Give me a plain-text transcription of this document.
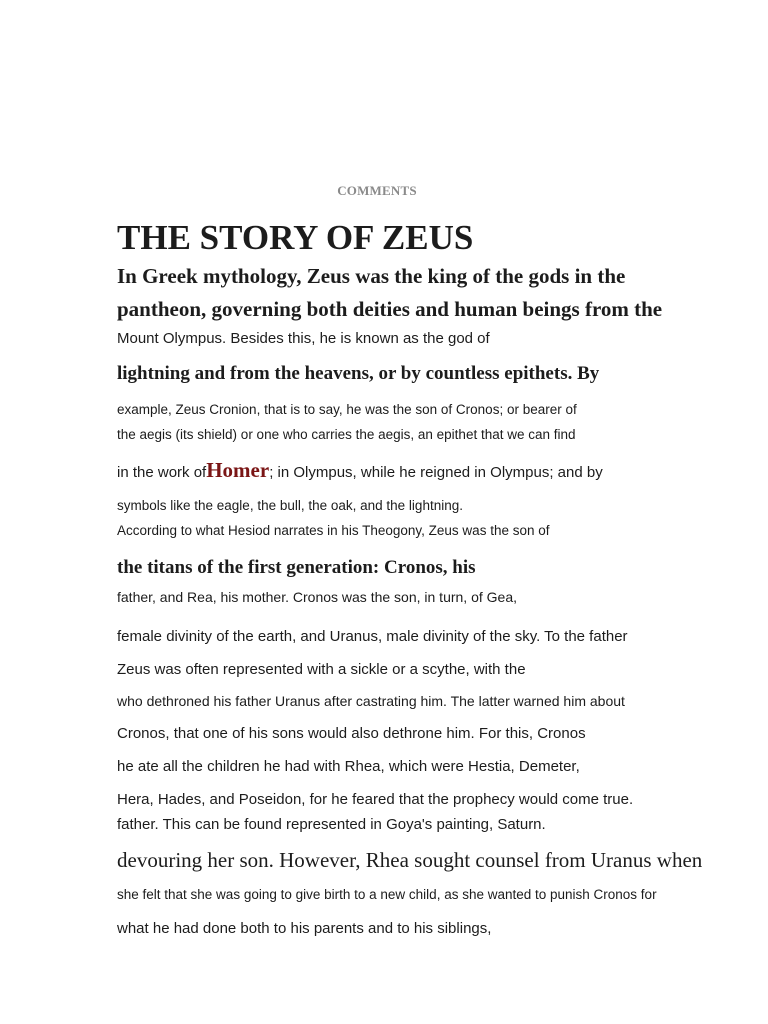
COMMENTS
THE STORY OF ZEUS

In Greek mythology, Zeus was the king of the gods in the

pantheon, governing both deities and human beings from the

Mount Olympus. Besides this, he is known as the god of

lightning and from the heavens, or by countless epithets. By

example, Zeus Cronion, that is to say, he was the son of Cronos; or bearer of

the aegis (its shield) or one who carries the aegis, an epithet that we can find

in the work ofHomer; in Olympus, while he reigned in Olympus; and by

symbols like the eagle, the bull, the oak, and the lightning.

According to what Hesiod narrates in his Theogony, Zeus was the son of

the titans of the first generation: Cronos, his

father, and Rea, his mother. Cronos was the son, in turn, of Gea,

female divinity of the earth, and Uranus, male divinity of the sky. To the father

Zeus was often represented with a sickle or a scythe, with the

who dethroned his father Uranus after castrating him. The latter warned him about

Cronos, that one of his sons would also dethrone him. For this, Cronos

he ate all the children he had with Rhea, which were Hestia, Demeter,

Hera, Hades, and Poseidon, for he feared that the prophecy would come true.

father. This can be found represented in Goya's painting, Saturn.

devouring her son. However, Rhea sought counsel from Uranus when

she felt that she was going to give birth to a new child, as she wanted to punish Cronos for

what he had done both to his parents and to his siblings,
